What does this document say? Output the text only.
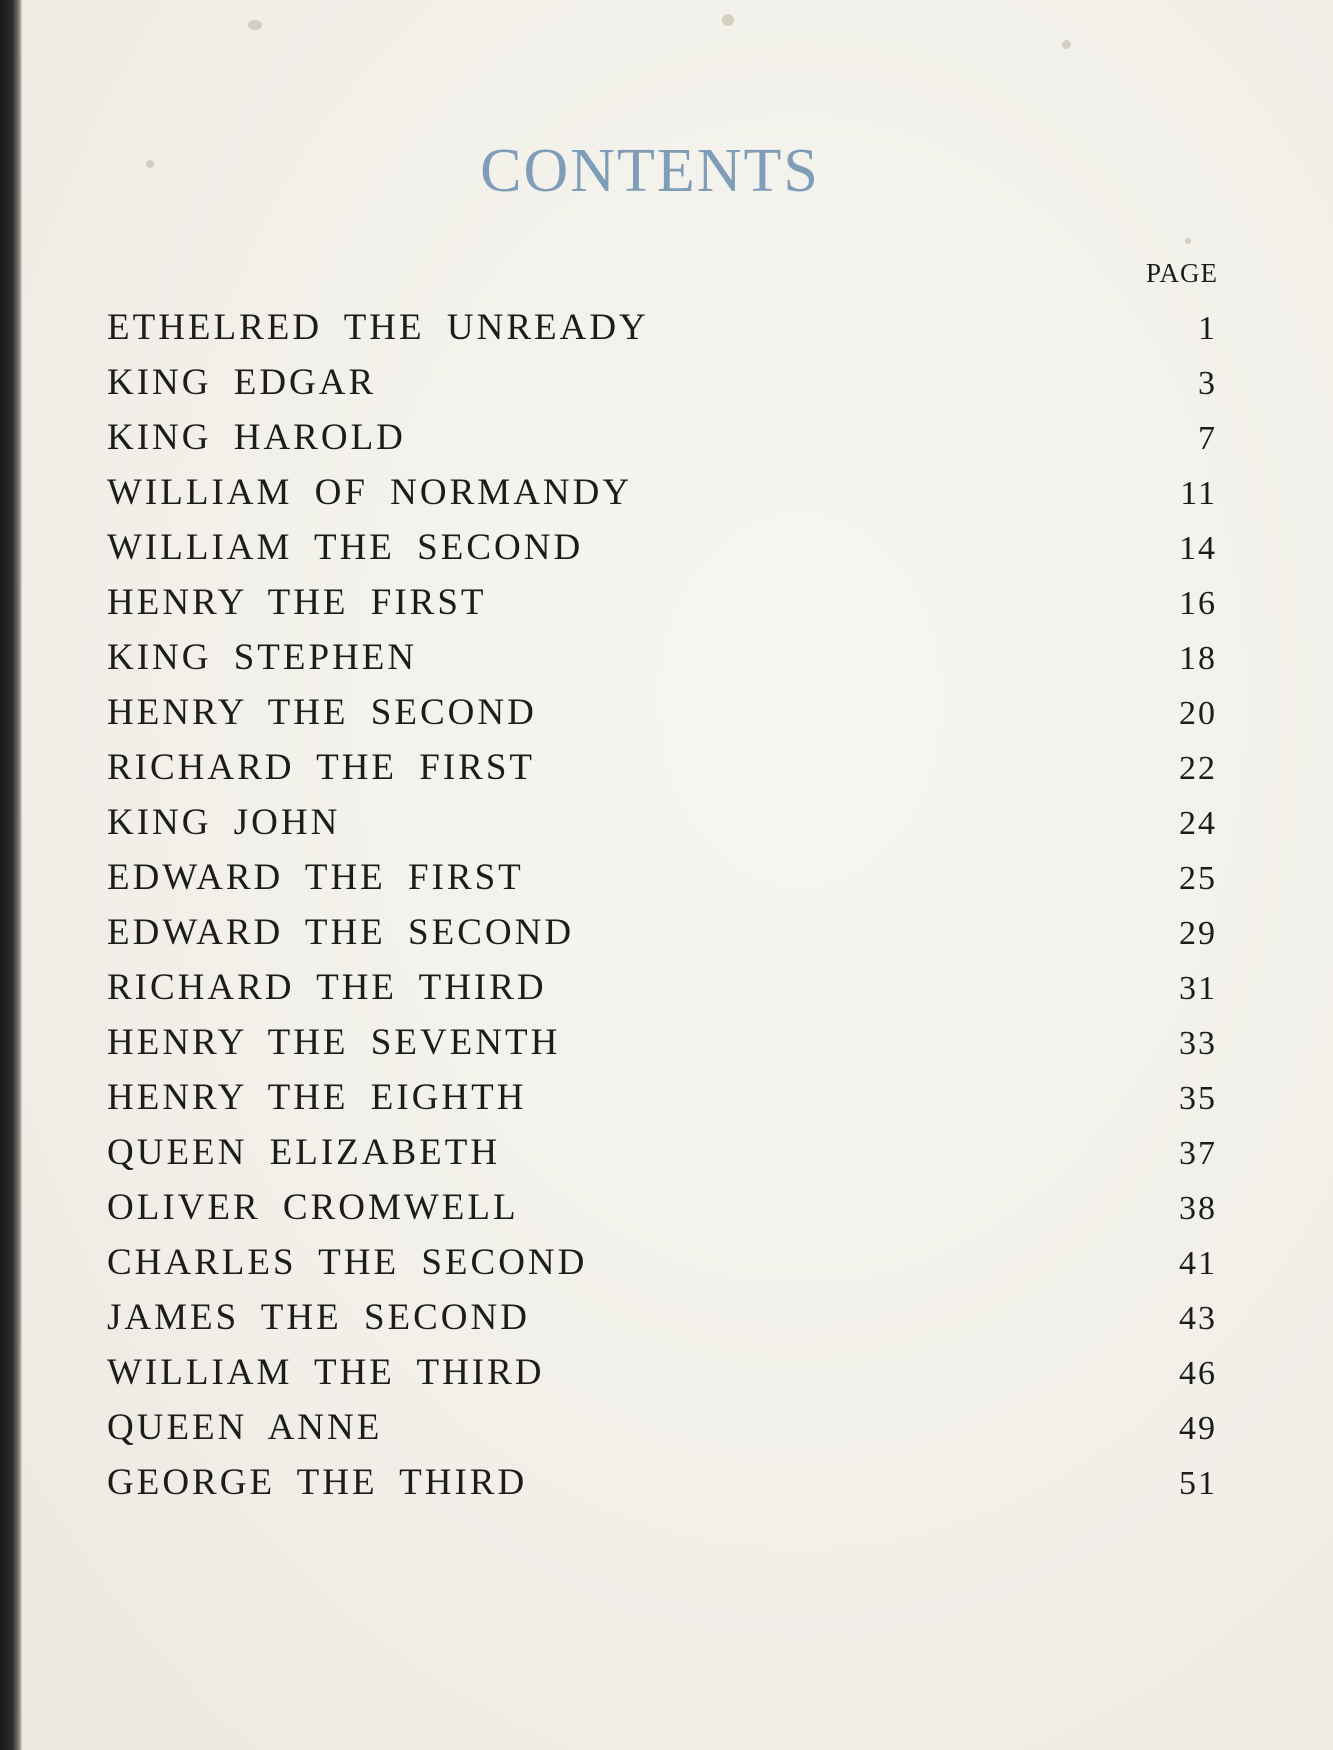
CONTENTS
PAGE
ETHELRED THE UNREADY	1
KING EDGAR	3
KING HAROLD	7
WILLIAM OF NORMANDY	11
WILLIAM THE SECOND	14
HENRY THE FIRST	16
KING STEPHEN	18
HENRY THE SECOND	20
RICHARD THE FIRST	22
KING JOHN	24
EDWARD THE FIRST	25
EDWARD THE SECOND	29
RICHARD THE THIRD	31
HENRY THE SEVENTH	33
HENRY THE EIGHTH	35
QUEEN ELIZABETH	37
OLIVER CROMWELL	38
CHARLES THE SECOND	41
JAMES THE SECOND	43
WILLIAM THE THIRD	46
QUEEN ANNE	49
GEORGE THE THIRD	51
